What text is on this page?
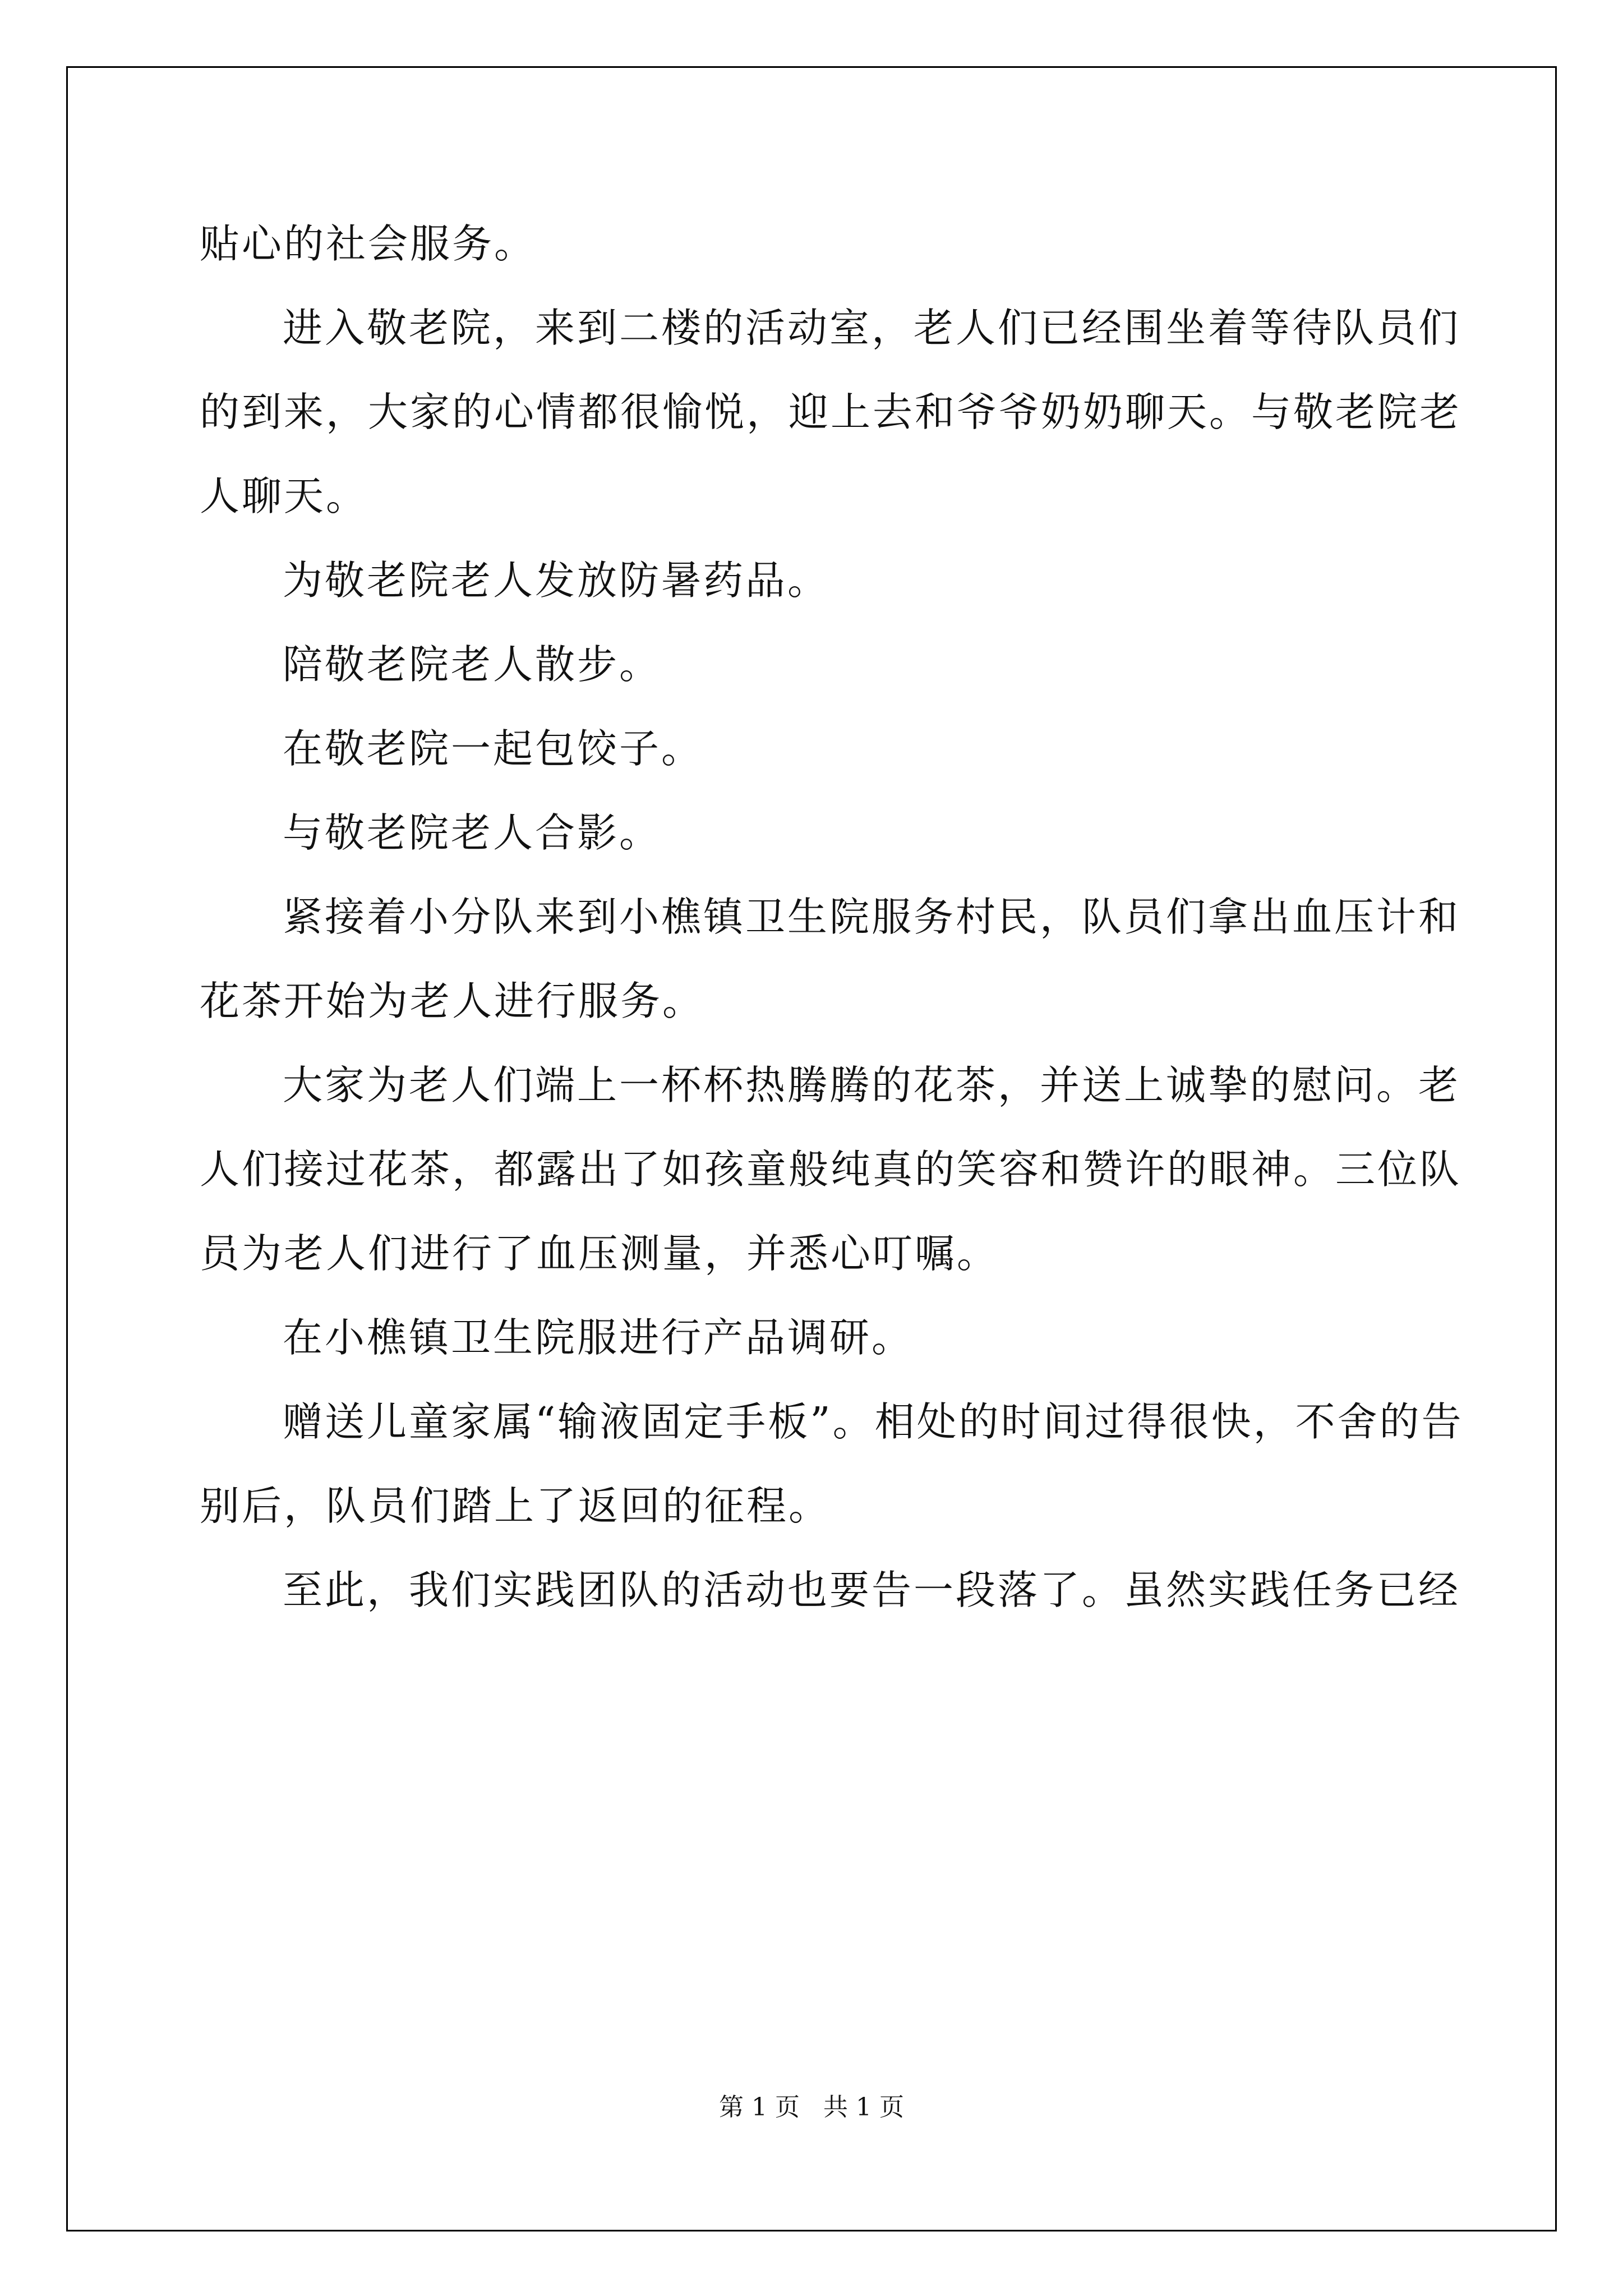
贴心的社会服务。
进入敬老院，来到二楼的活动室，老人们已经围坐着等待队员们
的到来，大家的心情都很愉悦，迎上去和爷爷奶奶聊天。与敬老院老
人聊天。
为敬老院老人发放防暑药品。
陪敬老院老人散步。
在敬老院一起包饺子。
与敬老院老人合影。
紧接着小分队来到小樵镇卫生院服务村民，队员们拿出血压计和
花茶开始为老人进行服务。
大家为老人们端上一杯杯热腾腾的花茶，并送上诚挚的慰问。老
人们接过花茶，都露出了如孩童般纯真的笑容和赞许的眼神。三位队
员为老人们进行了血压测量，并悉心叮嘱。
在小樵镇卫生院服进行产品调研。
赠送儿童家属“输液固定手板”。相处的时间过得很快，不舍的告
别后，队员们踏上了返回的征程。
至此，我们实践团队的活动也要告一段落了。虽然实践任务已经
第 1 页 共 1 页
